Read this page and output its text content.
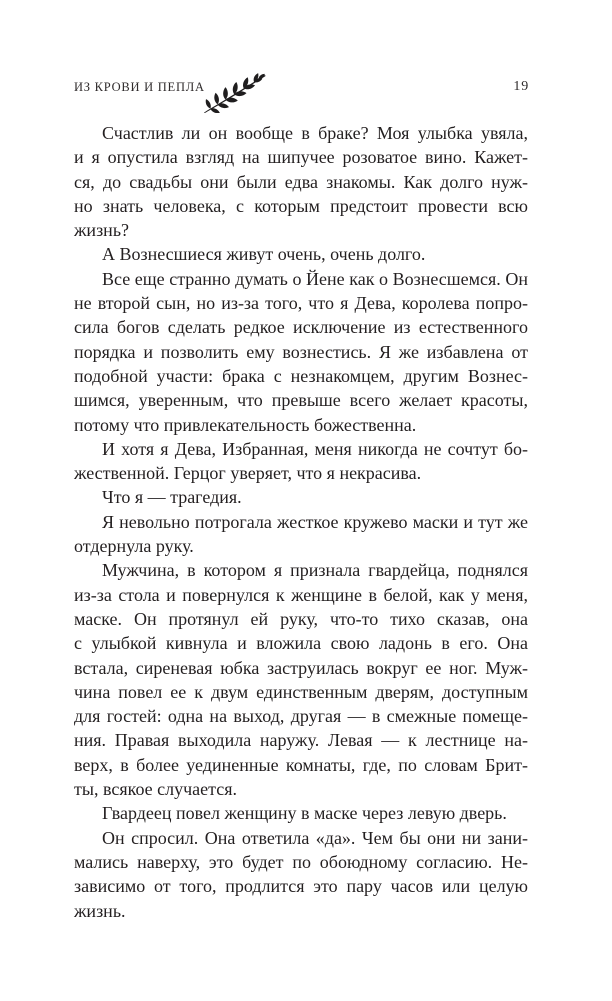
ИЗ КРОВИ И ПЕПЛА	19
Счастлив ли он вообще в браке? Моя улыбка увяла,
и я опустила взгляд на шипучее розоватое вино. Кажет-
ся, до свадьбы они были едва знакомы. Как долго нуж-
но знать человека, с которым предстоит провести всю
жизнь?
А Вознесшиеся живут очень, очень долго.
Все еще странно думать о Йене как о Вознесшемся. Он
не второй сын, но из-за того, что я Дева, королева попро-
сила богов сделать редкое исключение из естественного
порядка и позволить ему вознестись. Я же избавлена от
подобной участи: брака с незнакомцем, другим Вознес-
шимся, уверенным, что превыше всего желает красоты,
потому что привлекательность божественна.
И хотя я Дева, Избранная, меня никогда не сочтут бо-
жественной. Герцог уверяет, что я некрасива.
Что я — трагедия.
Я невольно потрогала жесткое кружево маски и тут же
отдернула руку.
Мужчина, в котором я признала гвардейца, поднялся
из-за стола и повернулся к женщине в белой, как у меня,
маске. Он протянул ей руку, что-то тихо сказав, она
с улыбкой кивнула и вложила свою ладонь в его. Она
встала, сиреневая юбка заструилась вокруг ее ног. Муж-
чина повел ее к двум единственным дверям, доступным
для гостей: одна на выход, другая — в смежные помеще-
ния. Правая выходила наружу. Левая — к лестнице на-
верх, в более уединенные комнаты, где, по словам Брит-
ты, всякое случается.
Гвардеец повел женщину в маске через левую дверь.
Он спросил. Она ответила «да». Чем бы они ни зани-
мались наверху, это будет по обоюдному согласию. Не-
зависимо от того, продлится это пару часов или целую
жизнь.
